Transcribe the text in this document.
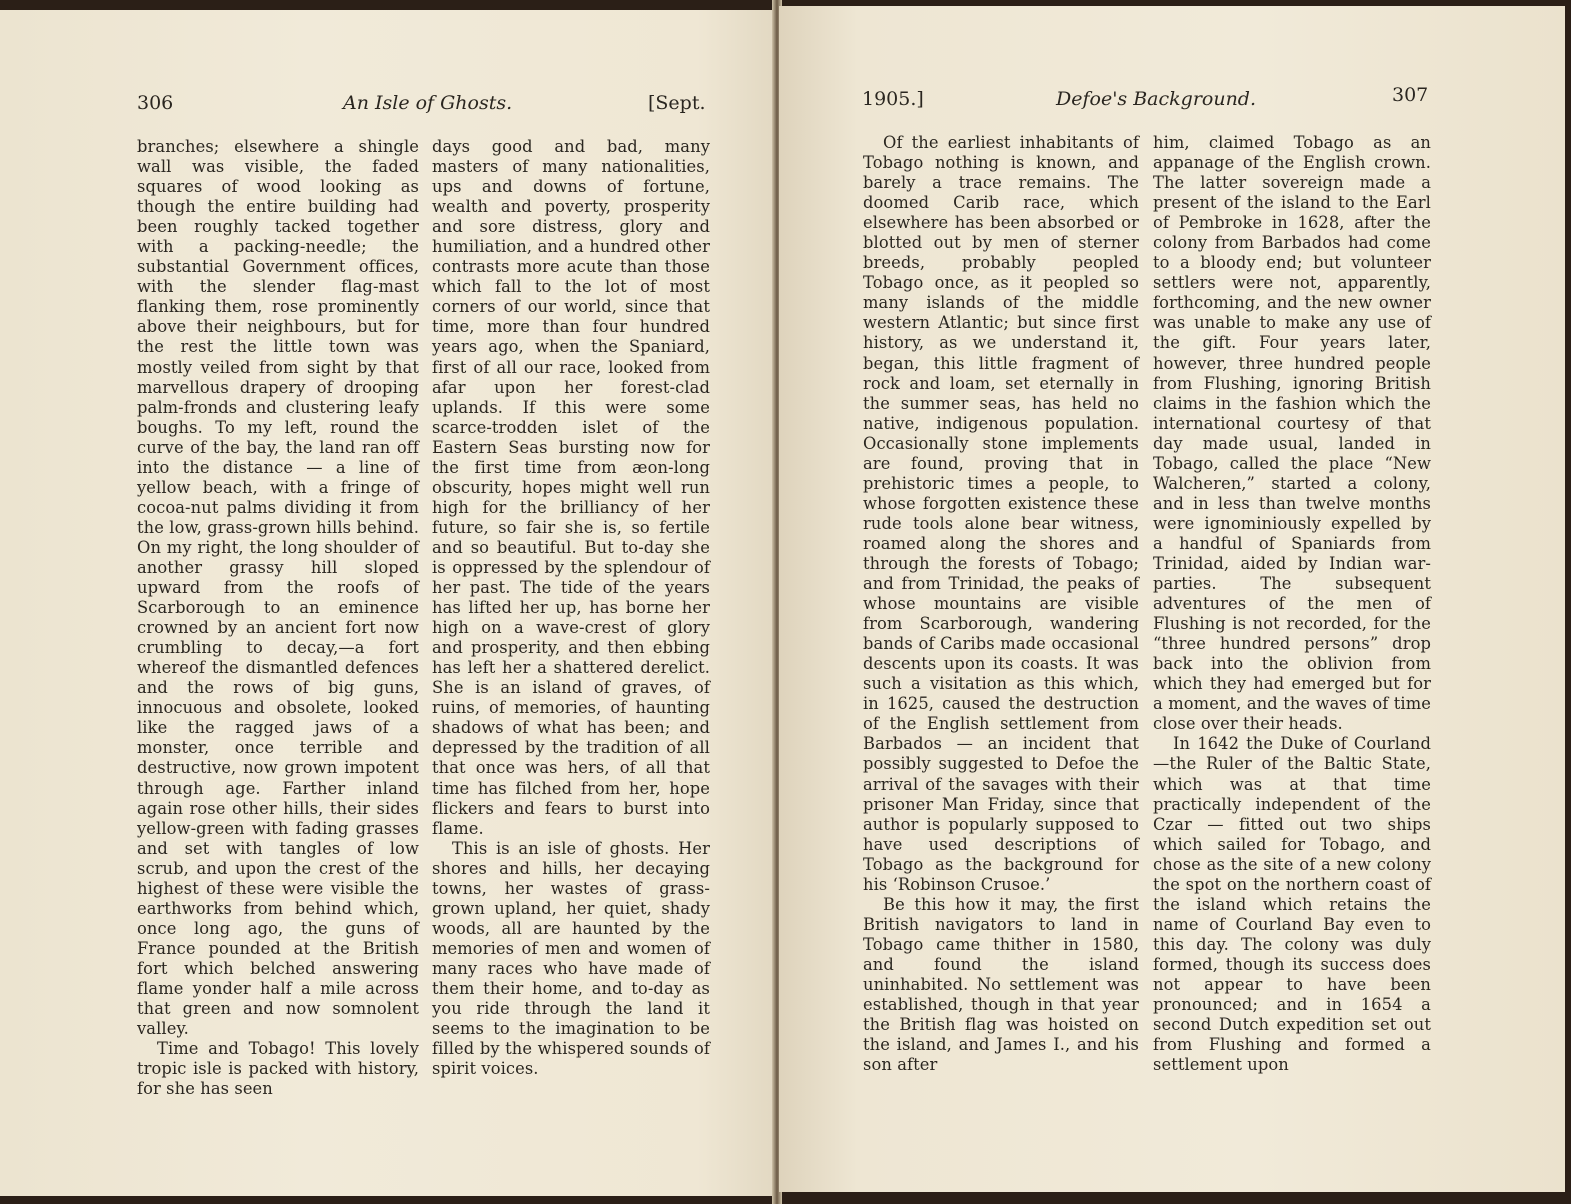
306	An Isle of Ghosts.	[Sept.

branches; elsewhere a shingle wall was visible, the faded squares of wood looking as though the entire building had been roughly tacked together with a packing-needle; the substantial Government offices, with the slender flag-mast flanking them, rose prominently above their neighbours, but for the rest the little town was mostly veiled from sight by that marvellous drapery of drooping palm-fronds and clustering leafy boughs. To my left, round the curve of the bay, the land ran off into the distance — a line of yellow beach, with a fringe of cocoa-nut palms dividing it from the low, grass-grown hills behind. On my right, the long shoulder of another grassy hill sloped upward from the roofs of Scarborough to an eminence crowned by an ancient fort now crumbling to decay,—a fort whereof the dismantled defences and the rows of big guns, innocuous and obsolete, looked like the ragged jaws of a monster, once terrible and destructive, now grown impotent through age. Farther inland again rose other hills, their sides yellow-green with fading grasses and set with tangles of low scrub, and upon the crest of the highest of these were visible the earthworks from behind which, once long ago, the guns of France pounded at the British fort which belched answering flame yonder half a mile across that green and now somnolent valley.

Time and Tobago! This lovely tropic isle is packed with history, for she has seen

days good and bad, many masters of many nationalities, ups and downs of fortune, wealth and poverty, prosperity and sore distress, glory and humiliation, and a hundred other contrasts more acute than those which fall to the lot of most corners of our world, since that time, more than four hundred years ago, when the Spaniard, first of all our race, looked from afar upon her forest-clad uplands. If this were some scarce-trodden islet of the Eastern Seas bursting now for the first time from æon-long obscurity, hopes might well run high for the brilliancy of her future, so fair she is, so fertile and so beautiful. But to-day she is oppressed by the splendour of her past. The tide of the years has lifted her up, has borne her high on a wave-crest of glory and prosperity, and then ebbing has left her a shattered derelict. She is an island of graves, of ruins, of memories, of haunting shadows of what has been; and depressed by the tradition of all that once was hers, of all that time has filched from her, hope flickers and fears to burst into flame.

This is an isle of ghosts. Her shores and hills, her decaying towns, her wastes of grass-grown upland, her quiet, shady woods, all are haunted by the memories of men and women of many races who have made of them their home, and to-day as you ride through the land it seems to the imagination to be filled by the whispered sounds of spirit voices.

1905.]	Defoe's Background.	307

Of the earliest inhabitants of Tobago nothing is known, and barely a trace remains. The doomed Carib race, which elsewhere has been absorbed or blotted out by men of sterner breeds, probably peopled Tobago once, as it peopled so many islands of the middle western Atlantic; but since first history, as we understand it, began, this little fragment of rock and loam, set eternally in the summer seas, has held no native, indigenous population. Occasionally stone implements are found, proving that in prehistoric times a people, to whose forgotten existence these rude tools alone bear witness, roamed along the shores and through the forests of Tobago; and from Trinidad, the peaks of whose mountains are visible from Scarborough, wandering bands of Caribs made occasional descents upon its coasts. It was such a visitation as this which, in 1625, caused the destruction of the English settlement from Barbados — an incident that possibly suggested to Defoe the arrival of the savages with their prisoner Man Friday, since that author is popularly supposed to have used descriptions of Tobago as the background for his ‘Robinson Crusoe.’

Be this how it may, the first British navigators to land in Tobago came thither in 1580, and found the island uninhabited. No settlement was established, though in that year the British flag was hoisted on the island, and James I., and his son after

him, claimed Tobago as an appanage of the English crown. The latter sovereign made a present of the island to the Earl of Pembroke in 1628, after the colony from Barbados had come to a bloody end; but volunteer settlers were not, apparently, forthcoming, and the new owner was unable to make any use of the gift. Four years later, however, three hundred people from Flushing, ignoring British claims in the fashion which the international courtesy of that day made usual, landed in Tobago, called the place “New Walcheren,” started a colony, and in less than twelve months were ignominiously expelled by a handful of Spaniards from Trinidad, aided by Indian war-parties. The subsequent adventures of the men of Flushing is not recorded, for the “three hundred persons” drop back into the oblivion from which they had emerged but for a moment, and the waves of time close over their heads.

In 1642 the Duke of Courland—the Ruler of the Baltic State, which was at that time practically independent of the Czar — fitted out two ships which sailed for Tobago, and chose as the site of a new colony the spot on the northern coast of the island which retains the name of Courland Bay even to this day. The colony was duly formed, though its success does not appear to have been pronounced; and in 1654 a second Dutch expedition set out from Flushing and formed a settlement upon
